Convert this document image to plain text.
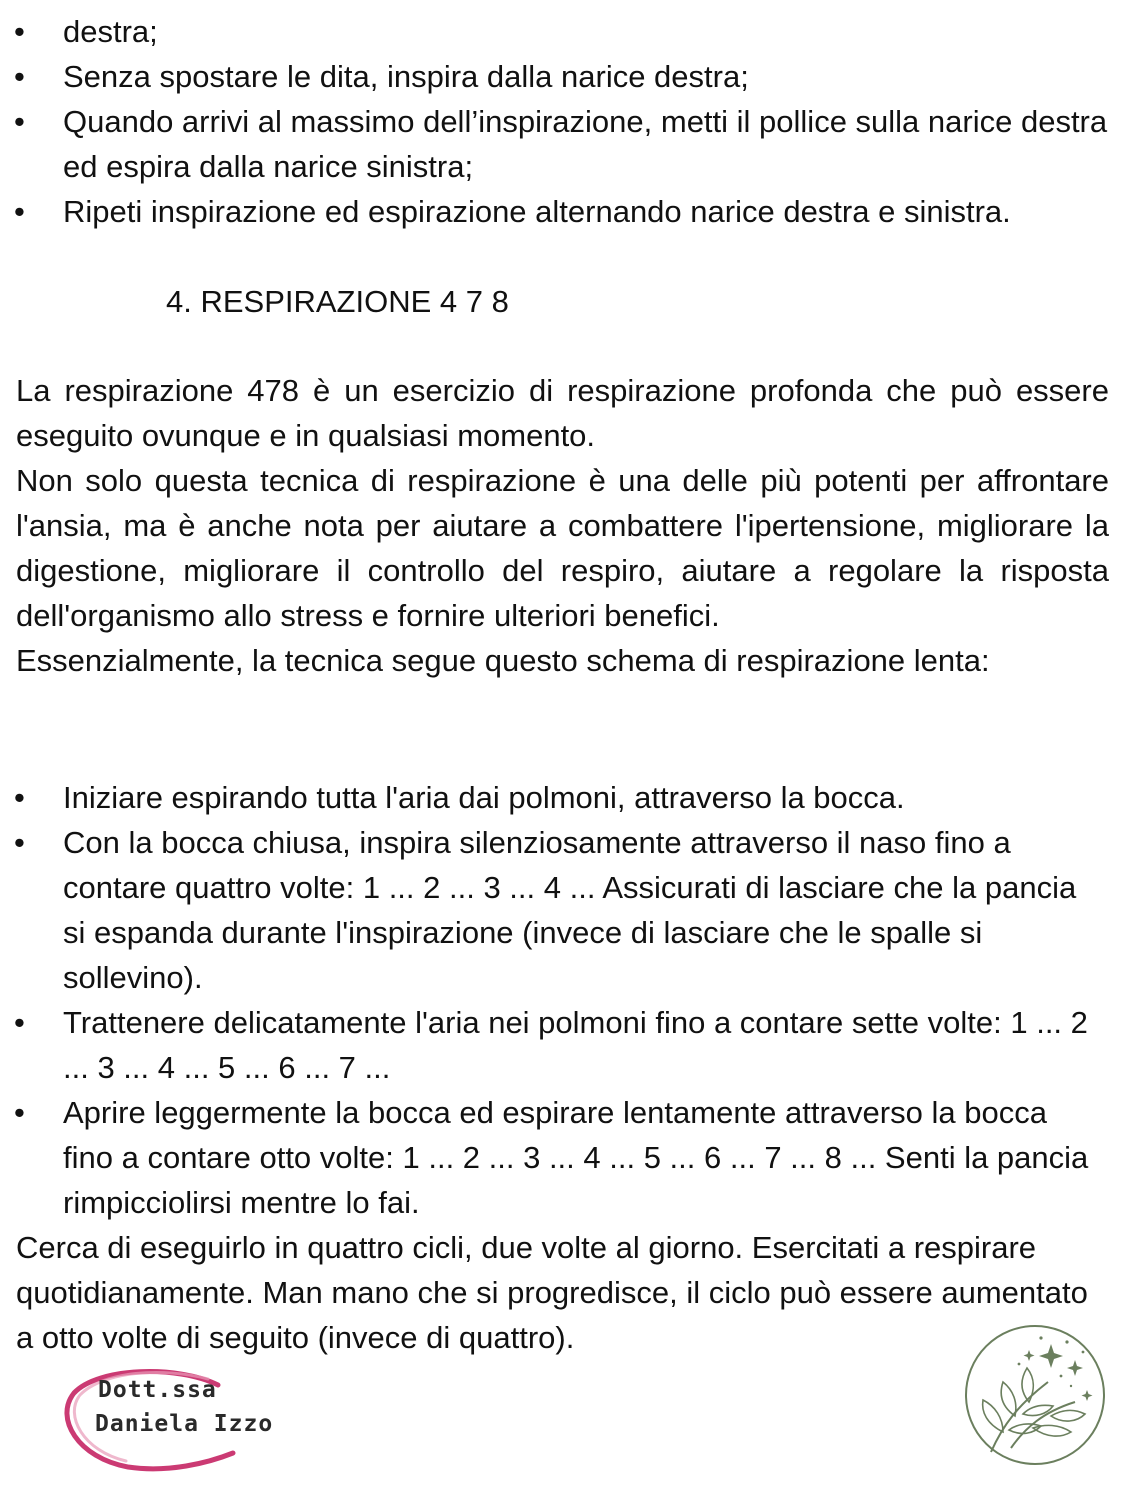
• destra;
• Senza spostare le dita, inspira dalla narice destra;
• Quando arrivi al massimo dell’inspirazione, metti il pollice sulla narice destra ed espira dalla narice sinistra;
• Ripeti inspirazione ed espirazione alternando narice destra e sinistra.
4. RESPIRAZIONE 4 7 8

La respirazione 478 è un esercizio di respirazione profonda che può essere eseguito ovunque e in qualsiasi momento.

Non solo questa tecnica di respirazione è una delle più potenti per affrontare l'ansia, ma è anche nota per aiutare a combattere l'ipertensione, migliorare la digestione, migliorare il controllo del respiro, aiutare a regolare la risposta dell'organismo allo stress e fornire ulteriori benefici.

Essenzialmente, la tecnica segue questo schema di respirazione lenta:

• Iniziare espirando tutta l'aria dai polmoni, attraverso la bocca.
• Con la bocca chiusa, inspira silenziosamente attraverso il naso fino a contare quattro volte: 1 ... 2 ... 3 ... 4 ... Assicurati di lasciare che la pancia si espanda durante l'inspirazione (invece di lasciare che le spalle si sollevino).
• Trattenere delicatamente l'aria nei polmoni fino a contare sette volte: 1 ... 2 ... 3 ... 4 ... 5 ... 6 ... 7 ...
• Aprire leggermente la bocca ed espirare lentamente attraverso la bocca fino a contare otto volte: 1 ... 2 ... 3 ... 4 ... 5 ... 6 ... 7 ... 8 ... Senti la pancia rimpicciolirsi mentre lo fai.

Cerca di eseguirlo in quattro cicli, due volte al giorno. Esercitati a respirare quotidianamente. Man mano che si progredisce, il ciclo può essere aumentato a otto volte di seguito (invece di quattro).

Dott.ssa
Daniela Izzo
